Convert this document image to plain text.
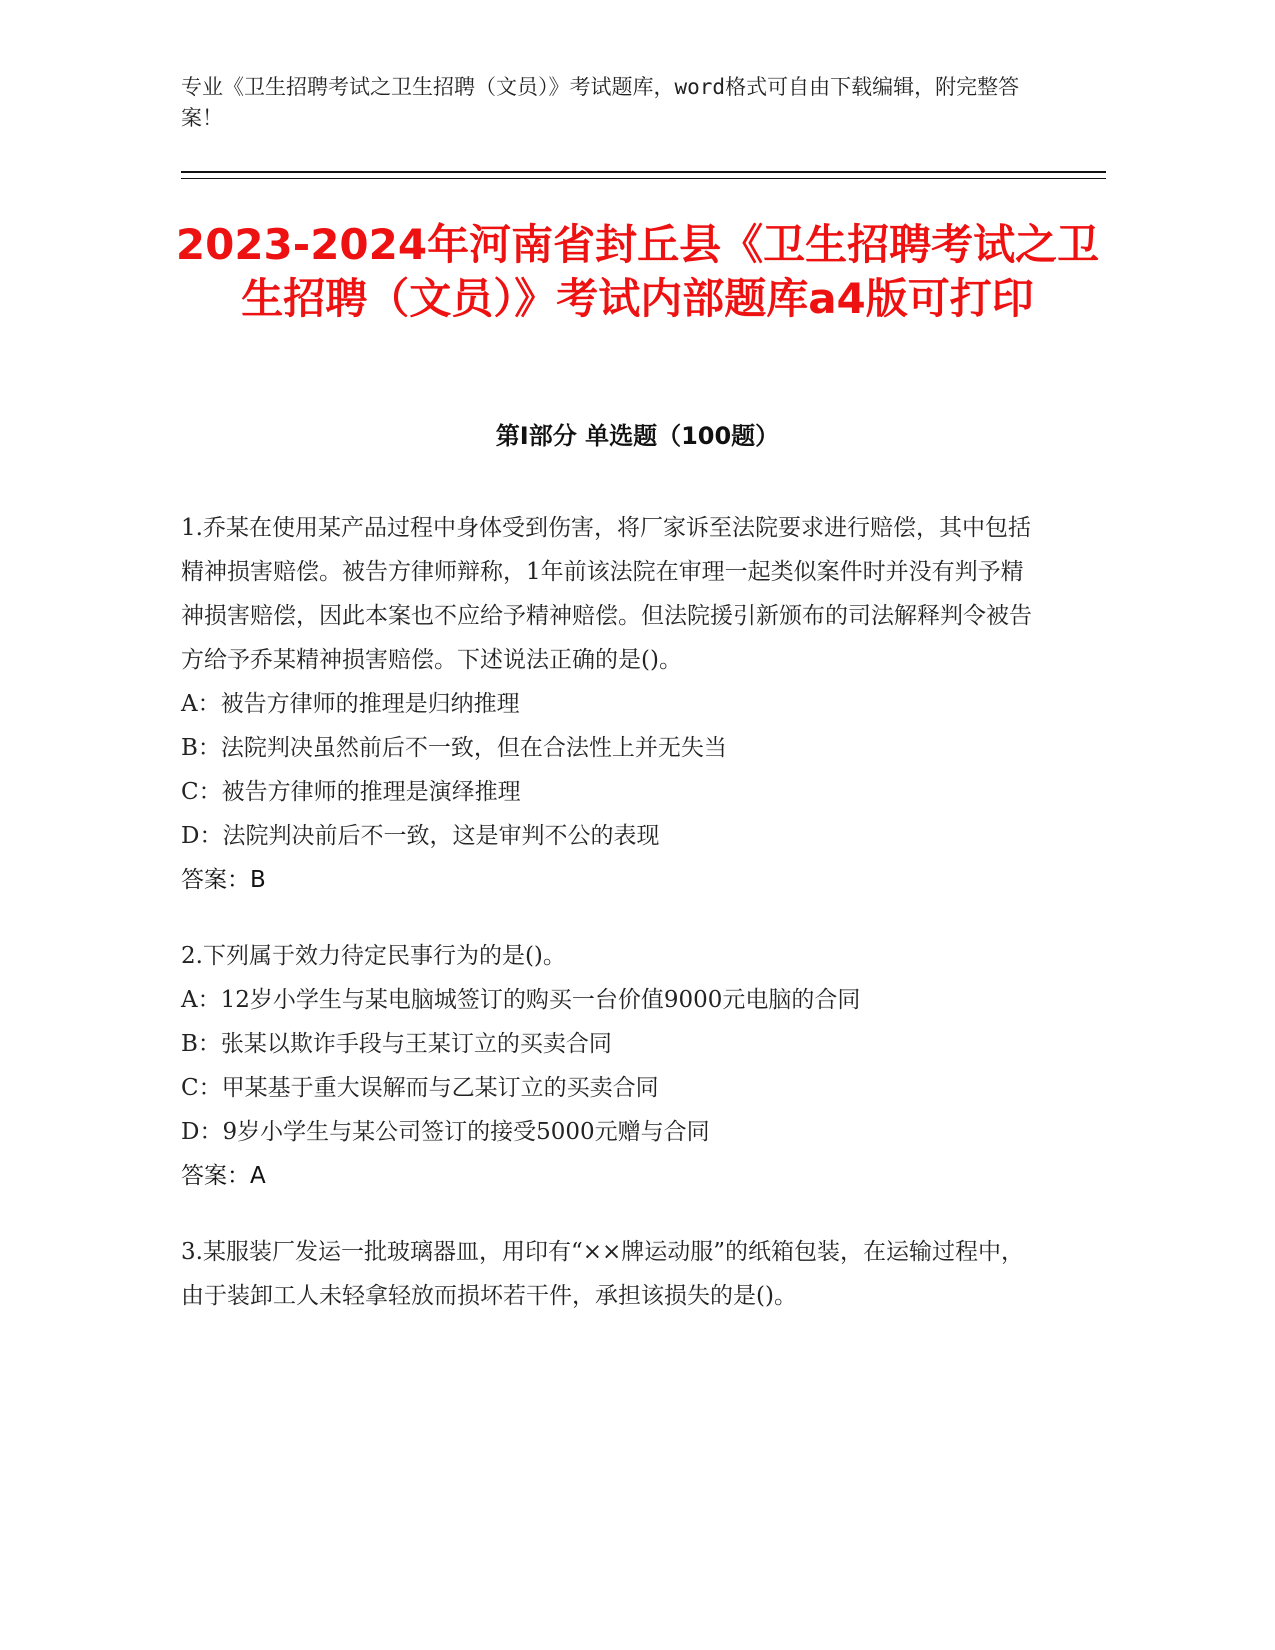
专业《卫生招聘考试之卫生招聘（文员）》考试题库，word格式可自由下载编辑，附完整答案！
2023-2024年河南省封丘县《卫生招聘考试之卫生招聘（文员）》考试内部题库a4版可打印
第I部分 单选题（100题）

1.乔某在使用某产品过程中身体受到伤害，将厂家诉至法院要求进行赔偿，其中包括精神损害赔偿。被告方律师辩称，1年前该法院在审理一起类似案件时并没有判予精神损害赔偿，因此本案也不应给予精神赔偿。但法院援引新颁布的司法解释判令被告方给予乔某精神损害赔偿。下述说法正确的是()。

A：被告方律师的推理是归纳推理
B：法院判决虽然前后不一致，但在合法性上并无失当
C：被告方律师的推理是演绎推理
D：法院判决前后不一致，这是审判不公的表现
答案：B

2.下列属于效力待定民事行为的是()。

A：12岁小学生与某电脑城签订的购买一台价值9000元电脑的合同
B：张某以欺诈手段与王某订立的买卖合同
C：甲某基于重大误解而与乙某订立的买卖合同
D：9岁小学生与某公司签订的接受5000元赠与合同
答案：A

3.某服装厂发运一批玻璃器皿，用印有“××牌运动服”的纸箱包装，在运输过程中，由于装卸工人未轻拿轻放而损坏若干件，承担该损失的是()。
